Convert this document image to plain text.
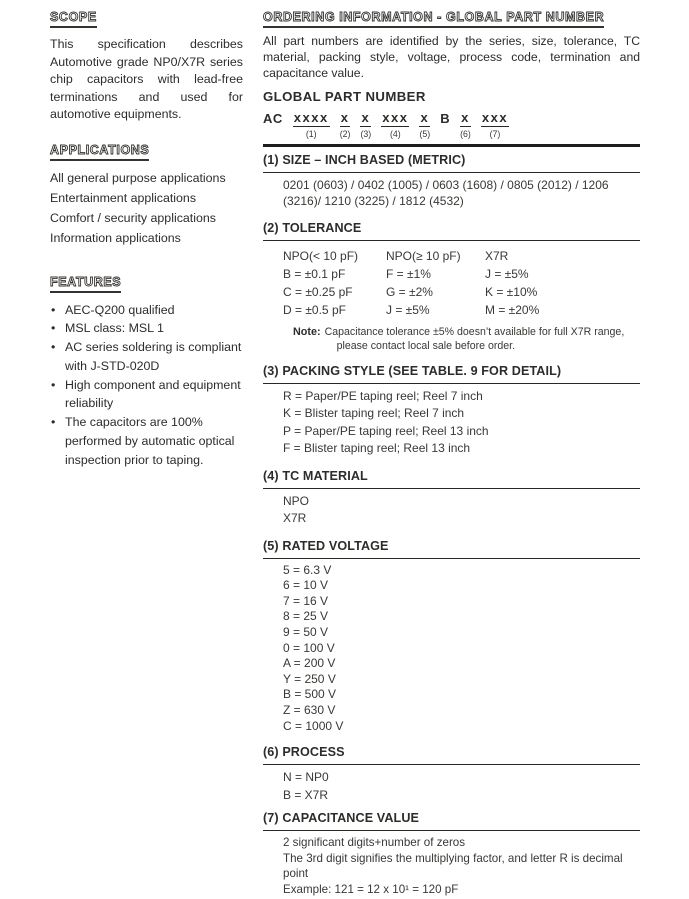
SCOPE

This specification describes Automotive grade NP0/X7R series chip capacitors with lead-free terminations and used for automotive equipments.

APPLICATIONS
All general purpose applications
Entertainment applications
Comfort / security applications
Information applications
FEATURES
• AEC-Q200 qualified
• MSL class: MSL 1
• AC series soldering is compliant with J-STD-020D
• High component and equipment reliability
• The capacitors are 100% performed by automatic optical inspection prior to taping.
ORDERING INFORMATION - GLOBAL PART NUMBER

All part numbers are identified by the series, size, tolerance, TC material, packing style, voltage, process code, termination and capacitance value.

GLOBAL PART NUMBER
AC xxxx
(1)
x
(2)
x
(3)
xxx
(4)
x
(5)
B x
(6)
xxx
(7)
(1) SIZE – INCH BASED (METRIC)
0201 (0603) / 0402 (1005) / 0603 (1608) / 0805 (2012) / 1206 (3216)/ 1210 (3225) / 1812 (4532)
(2) TOLERANCE
NPO(< 10 pF)
B = ±0.1 pF
C = ±0.25 pF
D = ±0.5 pF
NPO(≥ 10 pF)
F = ±1%
G = ±2%
J = ±5%
X7R
J = ±5%
K = ±10%
M = ±20%
Note: Capacitance tolerance ±5% doesn’t available for full X7R range,
please contact local sale before order.
(3) PACKING STYLE (SEE TABLE. 9 FOR DETAIL)
R = Paper/PE taping reel; Reel 7 inch
K = Blister taping reel; Reel 7 inch
P = Paper/PE taping reel; Reel 13 inch
F = Blister taping reel; Reel 13 inch
(4) TC MATERIAL
NPO
X7R
(5) RATED VOLTAGE
5 = 6.3 V
6 = 10 V
7 = 16 V
8 = 25 V
9 = 50 V
0 = 100 V
A = 200 V
Y = 250 V
B = 500 V
Z = 630 V
C = 1000 V
(6) PROCESS
N = NP0
B = X7R
(7) CAPACITANCE VALUE
2 significant digits+number of zeros
The 3rd digit signifies the multiplying factor, and letter R is decimal point
Example: 121 = 12 x 10¹ = 120 pF
